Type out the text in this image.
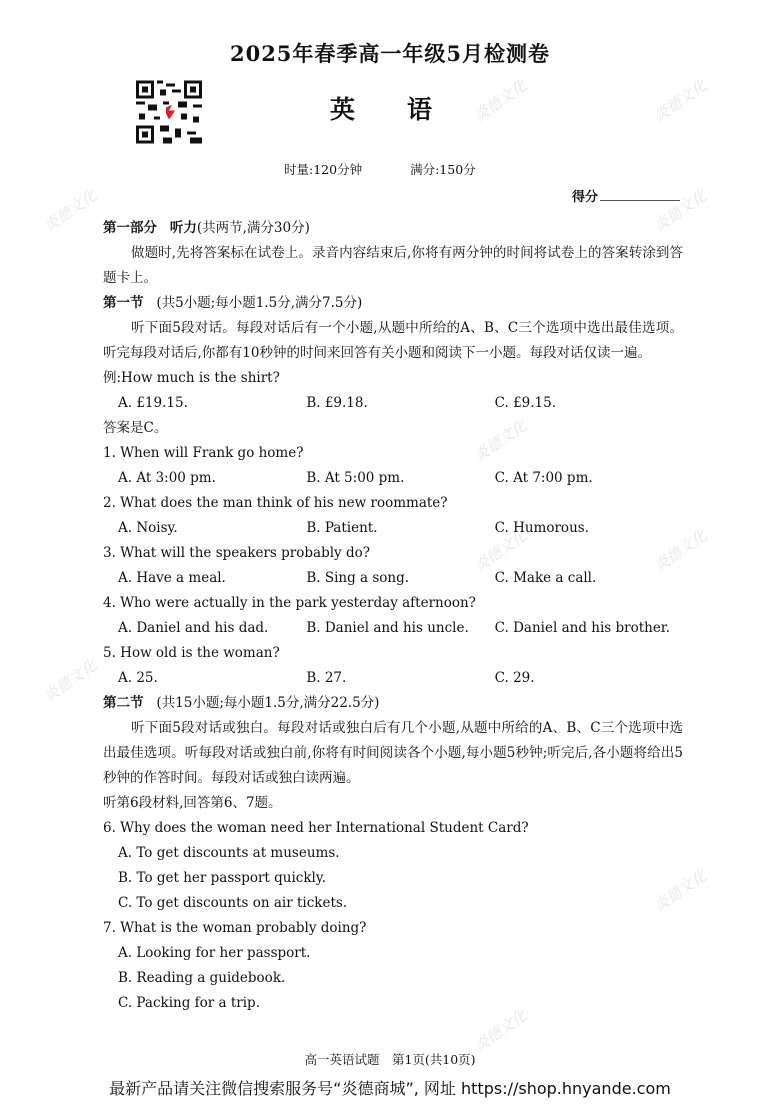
炎德文化
炎德文化	炎德文化
炎德文化
炎德文化
炎德文化
炎德文化
炎德文化
炎德文化
炎德文化
2025年春季高一年级5月检测卷
英 语
时量:120分钟	满分:150分
得分
第一部分 听力(共两节,满分30分)
做题时,先将答案标在试卷上。录音内容结束后,你将有两分钟的时间将试卷上的答案转涂到答题卡上。
第一节 (共5小题;每小题1.5分,满分7.5分)
听下面5段对话。每段对话后有一个小题,从题中所给的A、B、C三个选项中选出最佳选项。听完每段对话后,你都有10秒钟的时间来回答有关小题和阅读下一小题。每段对话仅读一遍。
例:How much is the shirt?
A. £19.15.	B. £9.18.	C. £9.15.
答案是C。
1. When will Frank go home?
A. At 3:00 pm.	B. At 5:00 pm.	C. At 7:00 pm.
2. What does the man think of his new roommate?
A. Noisy.	B. Patient.	C. Humorous.
3. What will the speakers probably do?
A. Have a meal.	B. Sing a song.	C. Make a call.
4. Who were actually in the park yesterday afternoon?
A. Daniel and his dad.	B. Daniel and his uncle.	C. Daniel and his brother.
5. How old is the woman?
A. 25.	B. 27.	C. 29.
第二节 (共15小题;每小题1.5分,满分22.5分)
听下面5段对话或独白。每段对话或独白后有几个小题,从题中所给的A、B、C三个选项中选出最佳选项。听每段对话或独白前,你将有时间阅读各个小题,每小题5秒钟;听完后,各小题将给出5秒钟的作答时间。每段对话或独白读两遍。
听第6段材料,回答第6、7题。
6. Why does the woman need her International Student Card?
A. To get discounts at museums.
B. To get her passport quickly.
C. To get discounts on air tickets.
7. What is the woman probably doing?
A. Looking for her passport.
B. Reading a guidebook.
C. Packing for a trip.
高一英语试题　第1页(共10页)
最新产品请关注微信搜索服务号“炎德商城”, 网址 https://shop.hnyande.com
